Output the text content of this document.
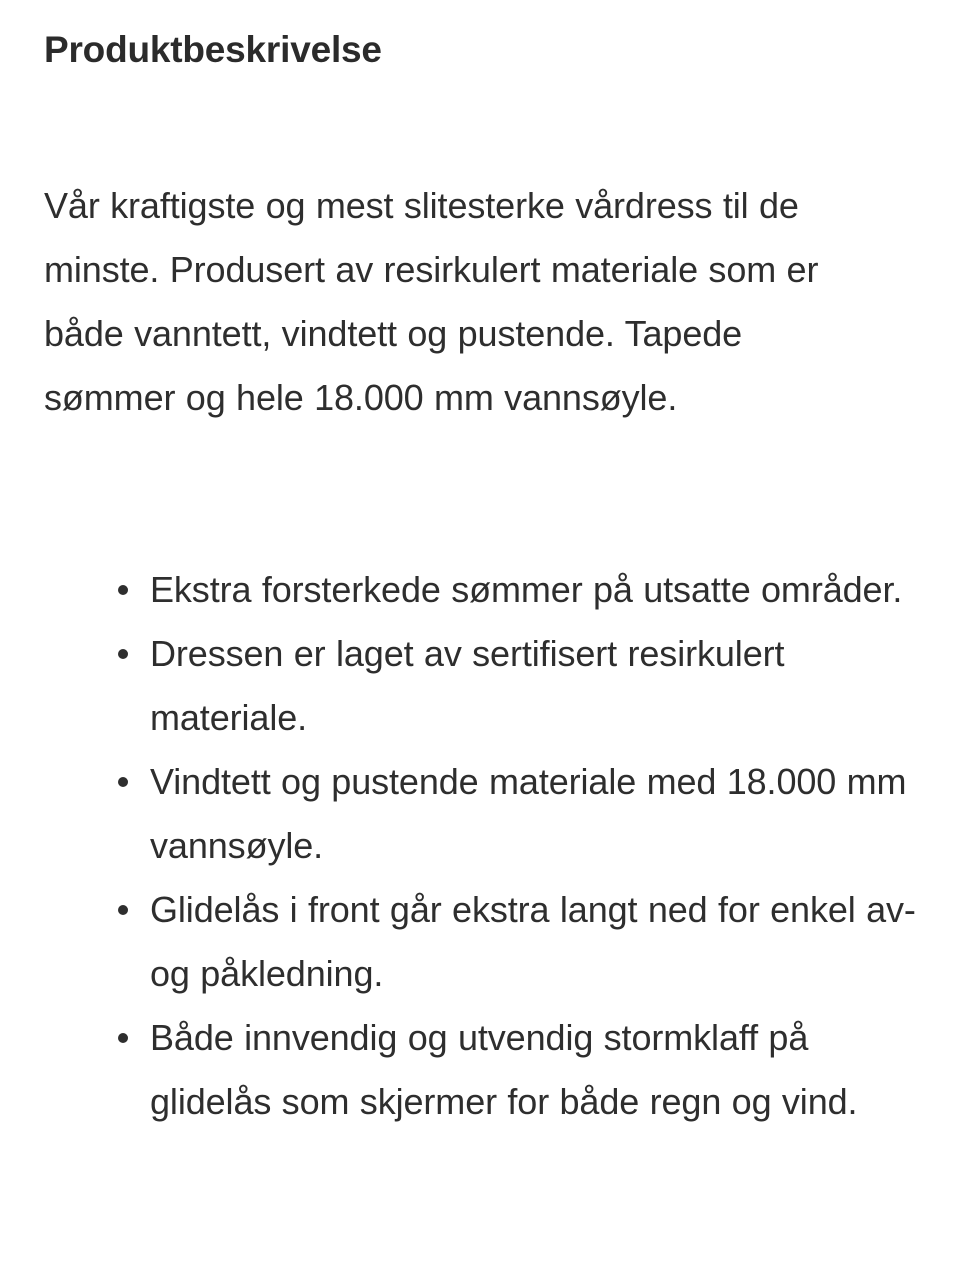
Produktbeskrivelse

Vår kraftigste og mest slitesterke vårdress til de minste. Produsert av resirkulert materiale som er både vanntett, vindtett og pustende. Tapede sømmer og hele 18.000 mm vannsøyle.

Ekstra forsterkede sømmer på utsatte områder.
Dressen er laget av sertifisert resirkulert materiale.
Vindtett og pustende materiale med 18.000 mm vannsøyle.
Glidelås i front går ekstra langt ned for enkel av- og påkledning.
Både innvendig og utvendig stormklaff på glidelås som skjermer for både regn og vind.
